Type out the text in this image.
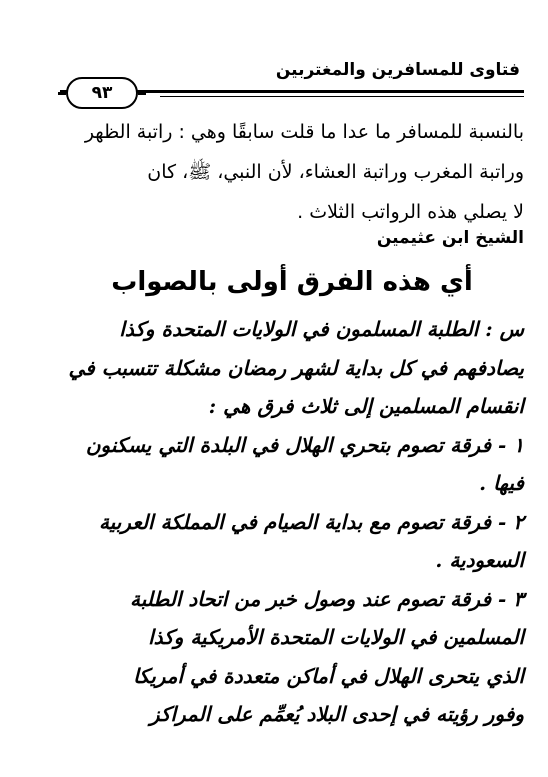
فتاوى للمسافرين والمغتربين
٩٣
بالنسبة للمسافر ما عدا ما قلت سابقًا وهي : راتبة الظهر
وراتبة المغرب وراتبة العشاء، لأن النبي، ﷺ، كان
لا يصلي هذه الرواتب الثلاث .
الشيخ ابن عثيمين
أي هذه الفرق أولى بالصواب
س : الطلبة المسلمون في الولايات المتحدة وكذا
يصادفهم في كل بداية لشهر رمضان مشكلة تتسبب في
انقسام المسلمين إلى ثلاث فرق هي :
١ - فرقة تصوم بتحري الهلال في البلدة التي يسكنون
فيها .
٢ - فرقة تصوم مع بداية الصيام في المملكة العربية
السعودية .
٣ - فرقة تصوم عند وصول خبر من اتحاد الطلبة
المسلمين في الولايات المتحدة الأمريكية وكذا
الذي يتحرى الهلال في أماكن متعددة في أمريكا
وفور رؤيته في إحدى البلاد يُعمِّم على المراكز
